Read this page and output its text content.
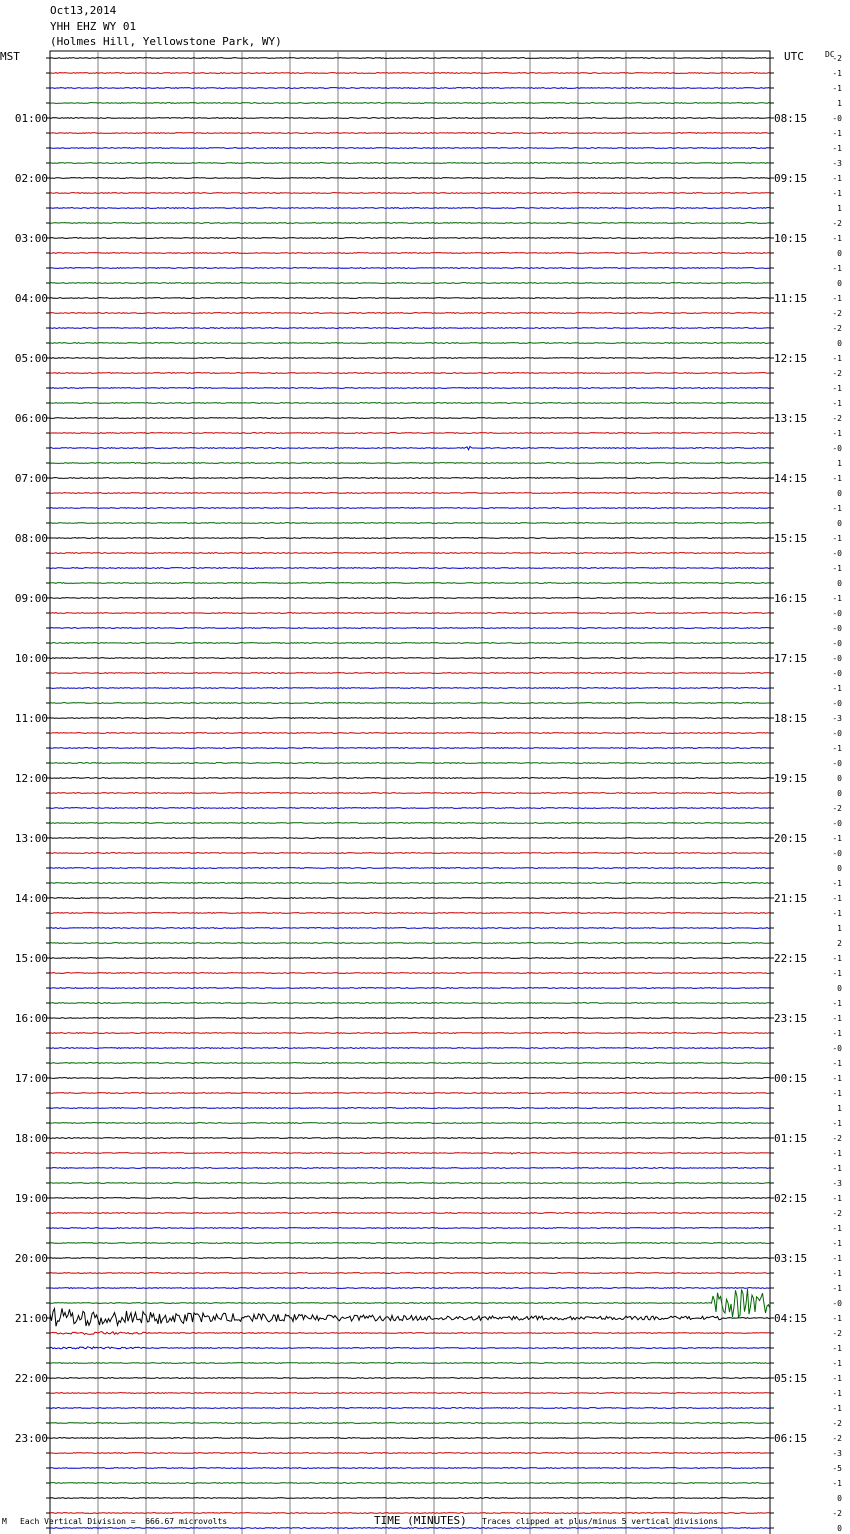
Oct13,2014
YHH EHZ WY 01
(Holmes Hill, Yellowstone Park, WY)
MST	UTC	DC
01:00	08:15
02:00	09:15
03:00	10:15
04:00	11:15
05:00	12:15
06:00	13:15
07:00	14:15
08:00	15:15
09:00	16:15
10:00	17:15
11:00	18:15
12:00	19:15
13:00	20:15
14:00	21:15
15:00	22:15
16:00	23:15
17:00	00:15
18:00	01:15
19:00	02:15
20:00	03:15
21:00	04:15
22:00	05:15
23:00	06:15
-2
-1
-1
1
-0
-1
-1
-3
-1
-1
1
-2
-1
0
-1
0
-1
-2
-2
0
-1
-2
-1
-1
-2
-1
-0
1
-1
0
-1
0
-1
-0
-1
0
-1
-0
-0
-0
-0
-0
-1
-0
-3
-0
-1
-0
0
0
-2
-0
-1
-0
0
-1
-1
-1
1
2
-1
-1
0
-1
-1
-1
-0
-1
-1
-1
1
-1
-2
-1
-1
-3
-1
-2
-1
-1
-1
-1
-1
-0
-1
-2
-1
-1
-1
-1
-1
-2
-2
-3
-5
-1
0
-2
0
M Each Vertical Division =  666.67 microvolts	TIME (MINUTES) Traces clipped at plus/minus 5 vertical divisions
